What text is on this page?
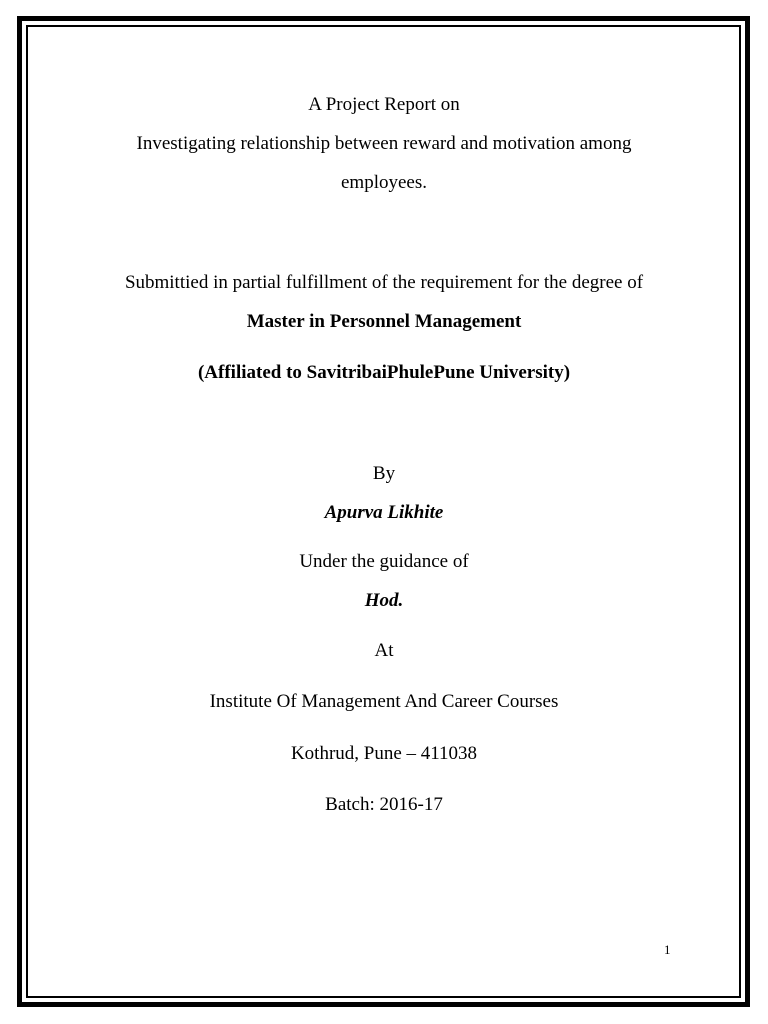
A Project Report on
Investigating relationship between reward and motivation among
employees.
Submittied in partial fulfillment of the requirement for the degree of
Master in Personnel Management
(Affiliated to SavitribaiPhulePune University)
By
Apurva Likhite
Under the guidance of
Hod.
At
Institute Of Management And Career Courses
Kothrud, Pune – 411038
Batch: 2016-17
1
